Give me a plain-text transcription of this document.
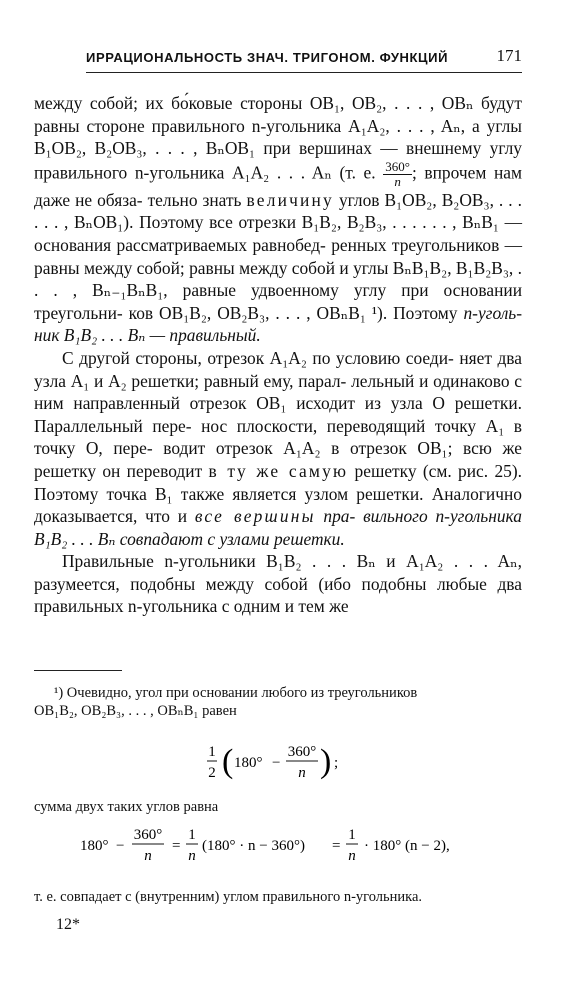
ИРРАЦИОНАЛЬНОСТЬ ЗНАЧ. ТРИГОНОМ. ФУНКЦИЙ	171

между собой; их бо́ковые стороны OB₁, OB₂, . . . , OBₙ будут равны стороне правильного n-угольника A₁A₂, . . . , Aₙ, а углы B₁OB₂, B₂OB₃, . . . , BₙOB₁ при вершинах — внешнему углу правильного n-угольника A₁A₂ . . . Aₙ (т. е. $\frac{360^\circ}{n}$ ; впрочем нам даже не обяза- тельно знать величину углов B₁OB₂, B₂OB₃, . . . . . . , BₙOB₁). Поэтому все отрезки B₁B₂, B₂B₃, . . . . . . , BₙB₁ — основания рассматриваемых равнобед- ренных треугольников — равны между собой; равны между собой и углы BₙB₁B₂, B₁B₂B₃, . . . , Bₙ₋₁BₙB₁, равные удвоенному углу при основании треугольни- ков OB₁B₂, OB₂B₃, . . . , OBₙB₁ ¹). Поэтому n-уголь- ник B₁B₂ . . . Bₙ — правильный.

С другой стороны, отрезок A₁A₂ по условию соеди- няет два узла A₁ и A₂ решетки; равный ему, парал- лельный и одинаково с ним направленный отрезок OB₁ исходит из узла O решетки. Параллельный пере- нос плоскости, переводящий точку A₁ в точку O, пере- водит отрезок A₁A₂ в отрезок OB₁; всю же решетку он переводит в ту же самую решетку (см. рис. 25). Поэтому точка B₁ также является узлом решетки. Аналогично доказывается, что и все вершины пра- вильного n-угольника B₁B₂ . . . Bₙ совпадают с узлами решетки.

Правильные n-угольники B₁B₂ . . . Bₙ и A₁A₂ . . . Aₙ, разумеется, подобны между собой (ибо подобны любые два правильных n-угольника с одним и тем же

¹) Очевидно, угол при основании любого из треугольников

OB₁B₂, OB₂B₃, . . . , OBₙB₁ равен

1
2 ( 180° −
360°
n ) ;

сумма двух таких углов равна

180° −
360°
n
=
1
n
(180° · n − 360°) =
1
n
· 180° (n − 2),
т. е. совпадает с (внутренним) углом правильного n-угольника.
12*
